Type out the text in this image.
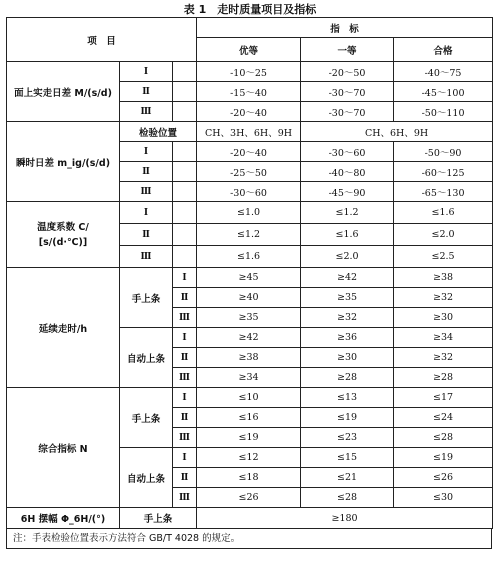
表 1　走时质量项目及指标
项　目			指　标		
			优等	一等	合格
面上实走日差 M/(s/d)	Ⅰ		-10～25	-20～50	-40～75
	Ⅱ		-15～40	-30～70	-45～100
	Ⅲ		-20～40	-30～70	-50～110
瞬时日差 m_ig/(s/d)	检验位置		CH、3H、6H、9H	CH、6H、9H	
	Ⅰ		-20～40	-30～60	-50～90
	Ⅱ		-25～50	-40～80	-60～125
	Ⅲ		-30～60	-45～90	-65～130

温度系数 C/
[s/(d·℃)]	Ⅰ		≤1.0	≤1.2	≤1.6
	Ⅱ		≤1.2	≤1.6	≤2.0
	Ⅲ		≤1.6	≤2.0	≤2.5
延续走时/h	手上条	Ⅰ	≥45	≥42	≥38
		Ⅱ	≥40	≥35	≥32
		Ⅲ	≥35	≥32	≥30
	自动上条	Ⅰ	≥42	≥36	≥34
		Ⅱ	≥38	≥30	≥32
		Ⅲ	≥34	≥28	≥28
综合指标 N	手上条	Ⅰ	≤10	≤13	≤17
		Ⅱ	≤16	≤19	≤24
		Ⅲ	≤19	≤23	≤28
	自动上条	Ⅰ	≤12	≤15	≤19
		Ⅱ	≤18	≤21	≤26
		Ⅲ	≤26	≤28	≤30
6H 摆幅 Φ_6H/(°)	手上条		≥180		
注：手表检验位置表示方法符合 GB/T 4028 的规定。
